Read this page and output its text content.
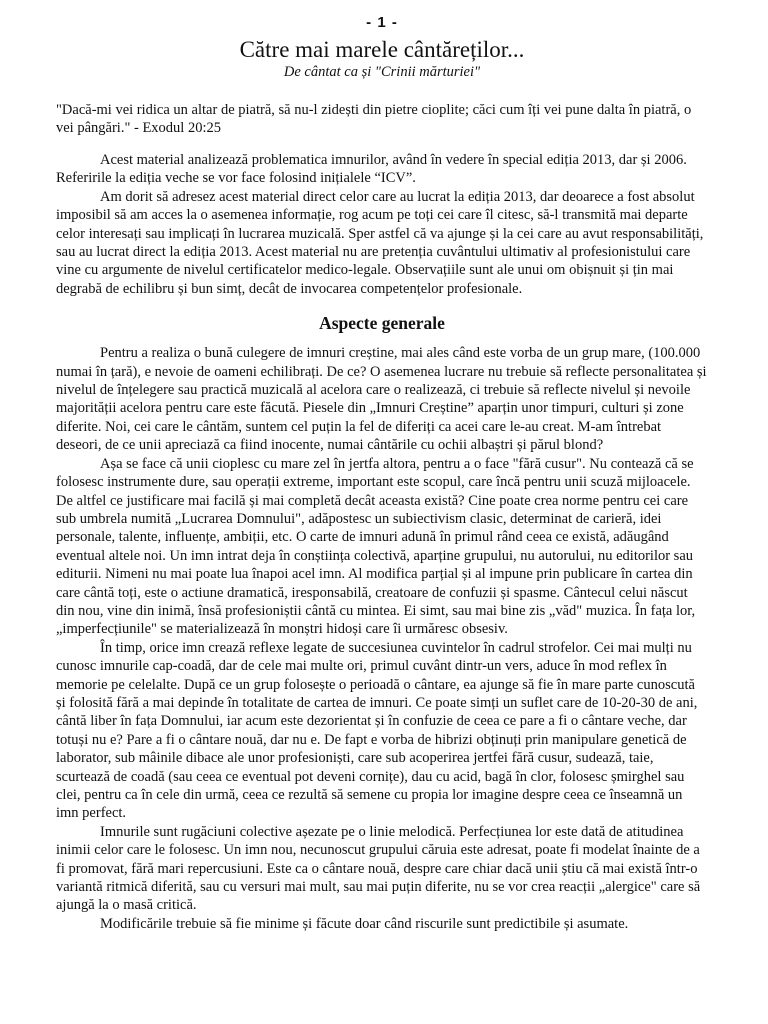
- 1 -
Către mai marele cântăreților...
De cântat ca și "Crinii mărturiei"
"Dacă-mi vei ridica un altar de piatră, să nu-l zidești din pietre cioplite; căci cum îți vei pune dalta în piatră, o vei pângări." - Exodul 20:25

Acest material analizează problematica imnurilor, având în vedere în special ediția 2013, dar și 2006. Referirile la ediția veche se vor face folosind inițialele “ICV”.

Am dorit să adresez acest material direct celor care au lucrat la ediția 2013, dar deoarece a fost absolut imposibil să am acces la o asemenea informație, rog acum pe toți cei care îl citesc, să-l transmită mai departe celor interesați sau implicați în lucrarea muzicală. Sper astfel că va ajunge și la cei care au avut responsabilități, sau au lucrat direct la ediția 2013. Acest material nu are pretenția cuvântului ultimativ al profesionistului care vine cu argumente de nivelul certificatelor medico-legale. Observațiile sunt ale unui om obișnuit și țin mai degrabă de echilibru și bun simț, decât de invocarea competențelor profesionale.

Aspecte generale

Pentru a realiza o bună culegere de imnuri creștine, mai ales când este vorba de un grup mare, (100.000 numai în țară), e nevoie de oameni echilibrați. De ce? O asemenea lucrare nu trebuie să reflecte personalitatea și nivelul de înțelegere sau practică muzicală al acelora care o realizează, ci trebuie să reflecte nivelul și nevoile majorității acelora pentru care este făcută. Piesele din „Imnuri Creștine” aparțin unor timpuri, culturi și zone diferite. Noi, cei care le cântăm, suntem cel puțin la fel de diferiți ca acei care le-au creat. M-am întrebat deseori, de ce unii apreciază ca fiind inocente, numai cântările cu ochii albaștri și părul blond?

Așa se face că unii cioplesc cu mare zel în jertfa altora, pentru a o face "fără cusur". Nu contează că se folosesc instrumente dure, sau operații extreme, important este scopul, care încă pentru unii scuză mijloacele. De altfel ce justificare mai facilă și mai completă decât aceasta există? Cine poate crea norme pentru cei care sub umbrela numită „Lucrarea Domnului", adăpostesc un subiectivism clasic, determinat de carieră, idei personale, talente, influențe, ambiții, etc. O carte de imnuri adună în primul rând ceea ce există, adăugând eventual altele noi. Un imn intrat deja în conștiința colectivă, aparține grupului, nu autorului, nu editorilor sau editurii. Nimeni nu mai poate lua înapoi acel imn. Al modifica parțial și al impune prin publicare în cartea din care cântă toți, este o actiune dramatică, iresponsabilă, creatoare de confuzii și spasme. Cântecul celui născut din nou, vine din inimă, însă profesioniștii cântă cu mintea. Ei simt, sau mai bine zis „văd" muzica. În fața lor, „imperfecțiunile" se materializează în monștri hidoși care îi urmăresc obsesiv.

În timp, orice imn crează reflexe legate de succesiunea cuvintelor în cadrul strofelor. Cei mai mulți nu cunosc imnurile cap-coadă, dar de cele mai multe ori, primul cuvânt dintr-un vers, aduce în mod reflex în memorie pe celelalte. După ce un grup folosește o perioadă o cântare, ea ajunge să fie în mare parte cunoscută și folosită fără a mai depinde în totalitate de cartea de imnuri. Ce poate simți un suflet care de 10-20-30 de ani, cântă liber în fața Domnului, iar acum este dezorientat și în confuzie de ceea ce pare a fi o cântare veche, dar totuși nu e? Pare a fi o cântare nouă, dar nu e. De fapt e vorba de hibrizi obținuți prin manipulare genetică de laborator, sub mâinile dibace ale unor profesioniști, care sub acoperirea jertfei fără cusur, sudează, taie, scurtează de coadă (sau ceea ce eventual pot deveni cornițe), dau cu acid, bagă în clor, folosesc șmirghel sau clei, pentru ca în cele din urmă, ceea ce rezultă să semene cu propia lor imagine despre ceea ce înseamnă un imn perfect.

Imnurile sunt rugăciuni colective așezate pe o linie melodică. Perfecțiunea lor este dată de atitudinea inimii celor care le folosesc. Un imn nou, necunoscut grupului căruia este adresat, poate fi modelat înainte de a fi promovat, fără mari repercusiuni. Este ca o cântare nouă, despre care chiar dacă unii știu că mai există într-o variantă ritmică diferită, sau cu versuri mai mult, sau mai puțin diferite, nu se vor crea reacții „alergice" care să ajungă la o masă critică.

Modificările trebuie să fie minime și făcute doar când riscurile sunt predictibile și asumate.
